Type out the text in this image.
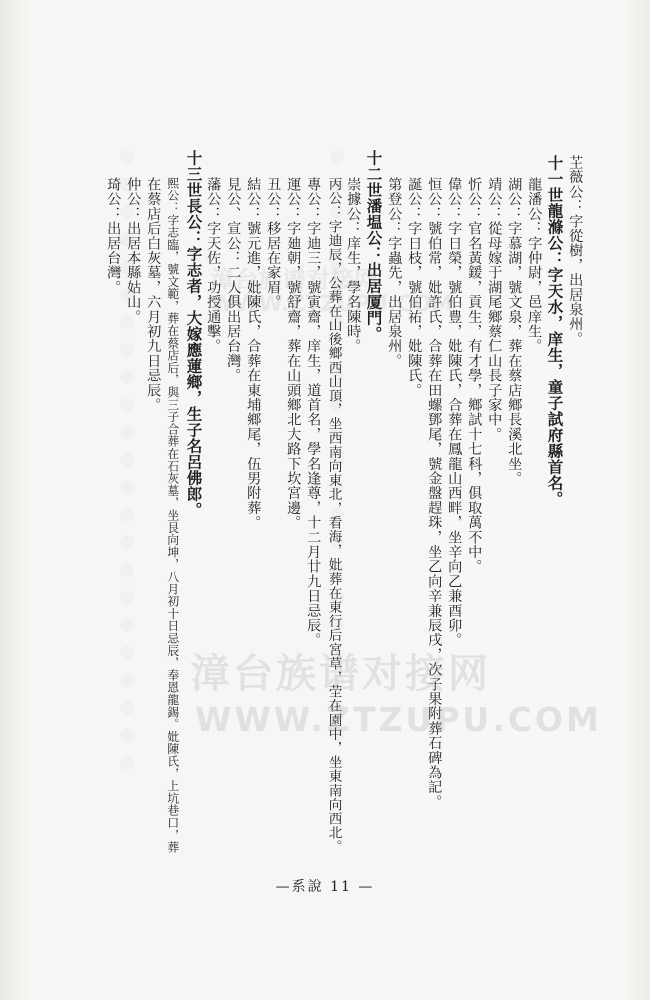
漳台族谱对接网
WWW.ZTZUPU.COM	芏薇公：字從樹，出居泉州。
十一世龍滌公：字天水，庠生，童子試府縣首名。
龍潘公：字仲尉，邑庠生。
湖公：字慕湖，號文泉，葬在蔡店鄉長溪北坐。
靖公：從母嫁于湖尾鄉蔡仁山長子家中。
忻公：官名黃鍰，貢生，有才學，鄉試十七科，俱取萬不中。
偉公：字日榮，號伯豊，妣陳氏，合葬在鳳龍山西畔，坐辛向乙兼酉卯。
恒公：號伯常，妣許氏，合葬在田螺鄧尾，號金盤趕珠，坐乙向辛兼辰戌，次子果附葬石碑為記。
誕公：字日枝，號伯祐，妣陳氏。
第登公：字蟲先，出居泉州。
十二世潘塭公：出居厦門。
崇據公：庠生，學名陳時。
丙公：字迪辰，公葬在山後鄉西山頂，坐西南向東北，看海，妣葬在東行后宮草，茔在園中，坐東南向西北。
專公：字迪三，號寅齋，庠生，道首名，學名逢尊，十二月廿九日忌辰。
運公：字廸朝，號舒齋，葬在山頭鄉北大路下坎宮邊。
丑公：移居在家眉。
結公：號元進，妣陳氏，合葬在東埔鄉尾，伍男附葬。
見公、宣公：二人俱出居台灣。
藩公：字天佐，功授通擊。
十三世長公：字志者，大嫁應蓮鄉，生子名呂佛郎。
熙公：字志臨，號文範，葬在蔡店后，與三子合葬在石灰墓，坐艮向坤，八月初十日忌辰，奉恩龍錫。妣陳氏，上坑巷口，葬
在蔡店后白灰墓，六月初九日忌辰。
仲公：出居本縣姑山。
琦公：出居台灣。
漳台族谱对接网
WWW.ZTZUPU.COM
—系說 11 —
